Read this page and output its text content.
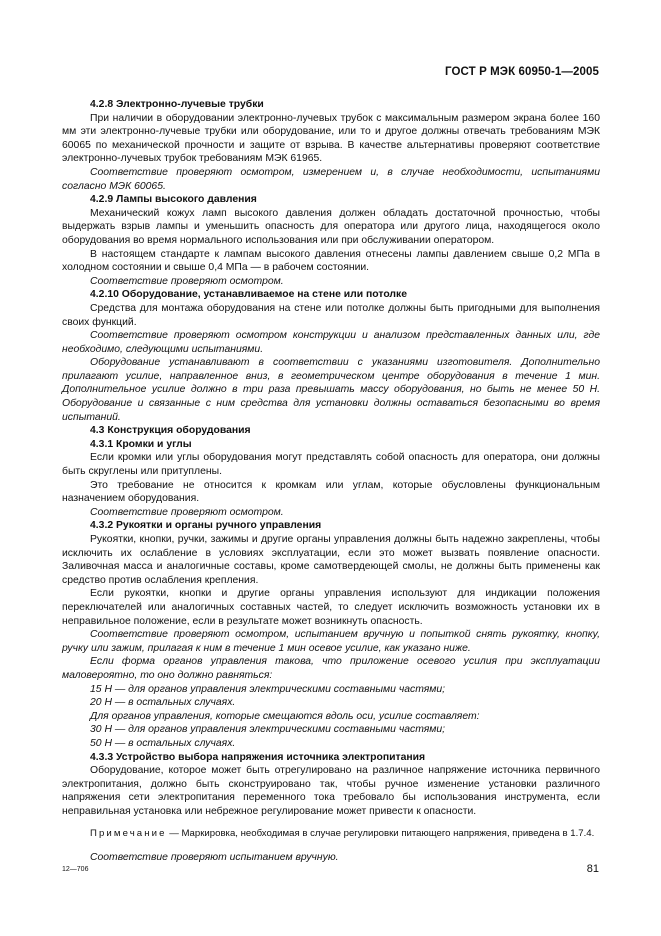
ГОСТ Р МЭК 60950-1—2005

4.2.8 Электронно-лучевые трубки

При наличии в оборудовании электронно-лучевых трубок с максимальным размером экрана более 160 мм эти электронно-лучевые трубки или оборудование, или то и другое должны отвечать требованиям МЭК 60065 по механической прочности и защите от взрыва. В качестве альтернативы проверяют соответствие электронно-лучевых трубок требованиям МЭК 61965.

Соответствие проверяют осмотром, измерением и, в случае необходимости, испытаниями согласно МЭК 60065.

4.2.9 Лампы высокого давления

Механический кожух ламп высокого давления должен обладать достаточной прочностью, чтобы выдержать взрыв лампы и уменьшить опасность для оператора или другого лица, находящегося около оборудования во время нормального использования или при обслуживании оператором.

В настоящем стандарте к лампам высокого давления отнесены лампы давлением свыше 0,2 МПа в холодном состоянии и свыше 0,4 МПа — в рабочем состоянии.

Соответствие проверяют осмотром.

4.2.10 Оборудование, устанавливаемое на стене или потолке

Средства для монтажа оборудования на стене или потолке должны быть пригодными для выполнения своих функций.

Соответствие проверяют осмотром конструкции и анализом представленных данных или, где необходимо, следующими испытаниями.

Оборудование устанавливают в соответствии с указаниями изготовителя. Дополнительно прилагают усилие, направленное вниз, в геометрическом центре оборудования в течение 1 мин. Дополнительное усилие должно в три раза превышать массу оборудования, но быть не менее 50 Н. Оборудование и связанные с ним средства для установки должны оставаться безопасными во время испытаний.

4.3 Конструкция оборудования

4.3.1 Кромки и углы

Если кромки или углы оборудования могут представлять собой опасность для оператора, они должны быть скруглены или притуплены.

Это требование не относится к кромкам или углам, которые обусловлены функциональным назначением оборудования.

Соответствие проверяют осмотром.

4.3.2 Рукоятки и органы ручного управления

Рукоятки, кнопки, ручки, зажимы и другие органы управления должны быть надежно закреплены, чтобы исключить их ослабление в условиях эксплуатации, если это может вызвать появление опасности. Заливочная масса и аналогичные составы, кроме самотвердеющей смолы, не должны быть применены как средство против ослабления крепления.

Если рукоятки, кнопки и другие органы управления используют для индикации положения переключателей или аналогичных составных частей, то следует исключить возможность установки их в неправильное положение, если в результате может возникнуть опасность.

Соответствие проверяют осмотром, испытанием вручную и попыткой снять рукоятку, кнопку, ручку или зажим, прилагая к ним в течение 1 мин осевое усилие, как указано ниже.

Если форма органов управления такова, что приложение осевого усилия при эксплуатации маловероятно, то оно должно равняться:

15 Н — для органов управления электрическими составными частями;

20 Н — в остальных случаях.

Для органов управления, которые смещаются вдоль оси, усилие составляет:

30 Н — для органов управления электрическими составными частями;

50 Н — в остальных случаях.

4.3.3 Устройство выбора напряжения источника электропитания

Оборудование, которое может быть отрегулировано на различное напряжение источника первичного электропитания, должно быть сконструировано так, чтобы ручное изменение установки различного напряжения сети электропитания переменного тока требовало бы использования инструмента, если неправильная установка или небрежное регулирование может привести к опасности.

Примечание — Маркировка, необходимая в случае регулировки питающего напряжения, приведена в 1.7.4.

Соответствие проверяют испытанием вручную.

12—706	81
